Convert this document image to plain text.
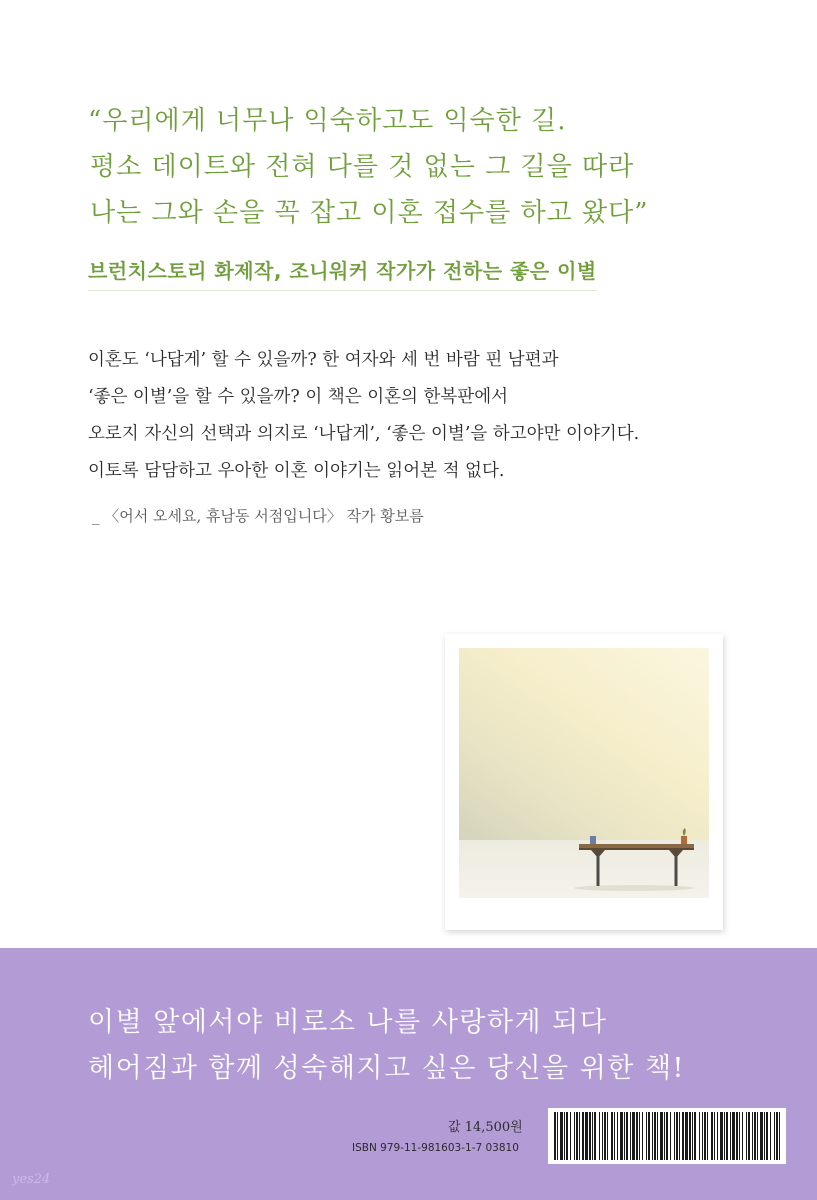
“우리에게 너무나 익숙하고도 익숙한 길.
평소 데이트와 전혀 다를 것 없는 그 길을 따라
나는 그와 손을 꼭 잡고 이혼 접수를 하고 왔다”
브런치스토리 화제작, 조니워커 작가가 전하는 좋은 이별
이혼도 ‘나답게’ 할 수 있을까? 한 여자와 세 번 바람 핀 남편과
‘좋은 이별’을 할 수 있을까? 이 책은 이혼의 한복판에서
오로지 자신의 선택과 의지로 ‘나답게’, ‘좋은 이별’을 하고야만 이야기다.
이토록 담담하고 우아한 이혼 이야기는 읽어본 적 없다.
_ 〈어서 오세요, 휴남동 서점입니다〉 작가 황보름
이별 앞에서야 비로소 나를 사랑하게 되다
헤어짐과 함께 성숙해지고 싶은 당신을 위한 책!
값 14,500원
ISBN 979-11-981603-1-7 03810
yes24
